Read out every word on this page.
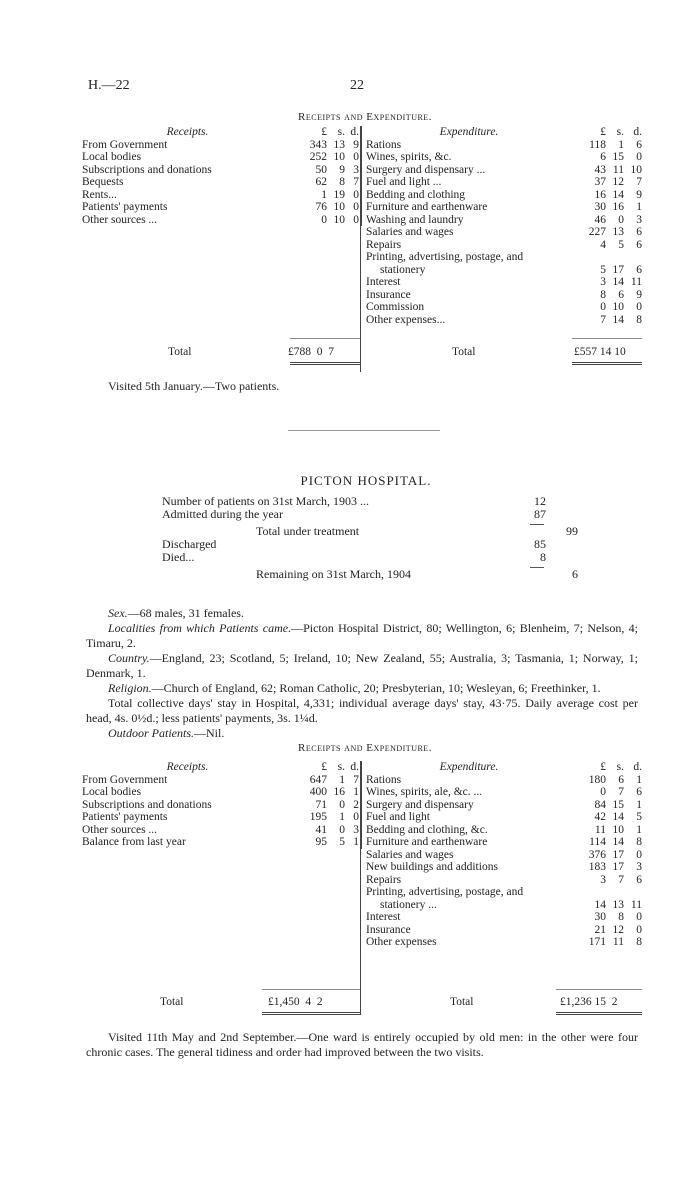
H.—22	22
Receipts and Expenditure.
Receipts.	£	s.	d.
From Government	343	13	9
Local bodies	252	10	0
Subscriptions and donations	50	9	3
Bequests	62	8	7
Rents...	1	19	0
Patients' payments	76	10	0
Other sources ...	0	10	0
Expenditure.	£	s.	d.
Rations	118	1	6
Wines, spirits, &c.	6	15	0
Surgery and dispensary ...	43	11	10
Fuel and light ...	37	12	7
Bedding and clothing	16	14	9
Furniture and earthenware	30	16	1
Washing and laundry	46	0	3
Salaries and wages	227	13	6
Repairs	4	5	6
Printing, advertising, postage, and			
stationery	5	17	6
Interest	3	14	11
Insurance	8	6	9
Commission	0	10	0
Other expenses...	7	14	8
Total	£788  0  7	Total	£557 14 10
Visited 5th January.—Two patients.
PICTON HOSPITAL.
Number of patients on 31st March, 1903 ...		12	
Admitted during the year		87	

	Total under treatment		99
Discharged		85	
Died...		8	

	Remaining on 31st March, 1904		6
Sex.—68 males, 31 females.
Localities from which Patients came.—Picton Hospital District, 80; Wellington, 6; Blenheim, 7; Nelson, 4; Timaru, 2.
Country.—England, 23; Scotland, 5; Ireland, 10; New Zealand, 55; Australia, 3; Tasmania, 1; Norway, 1; Denmark, 1.
Religion.—Church of England, 62; Roman Catholic, 20; Presbyterian, 10; Wesleyan, 6; Freethinker, 1.
Total collective days' stay in Hospital, 4,331; individual average days' stay, 43·75. Daily average cost per head, 4s. 0½d.; less patients' payments, 3s. 1¼d.
Outdoor Patients.—Nil.
Receipts and Expenditure.
Receipts.	£	s.	d.
From Government	647	1	7
Local bodies	400	16	1
Subscriptions and donations	71	0	2
Patients' payments	195	1	0
Other sources ...	41	0	3
Balance from last year	95	5	1
Expenditure.	£	s.	d.
Rations	180	6	1
Wines, spirits, ale, &c. ...	0	7	6
Surgery and dispensary	84	15	1
Fuel and light	42	14	5
Bedding and clothing, &c.	11	10	1
Furniture and earthenware	114	14	8
Salaries and wages	376	17	0
New buildings and additions	183	17	3
Repairs	3	7	6
Printing, advertising, postage, and			
stationery ...	14	13	11
Interest	30	8	0
Insurance	21	12	0
Other expenses	171	11	8
Total	£1,450  4  2	Total	£1,236 15  2
Visited 11th May and 2nd September.—One ward is entirely occupied by old men: in the other were four chronic cases. The general tidiness and order had improved between the two visits.
